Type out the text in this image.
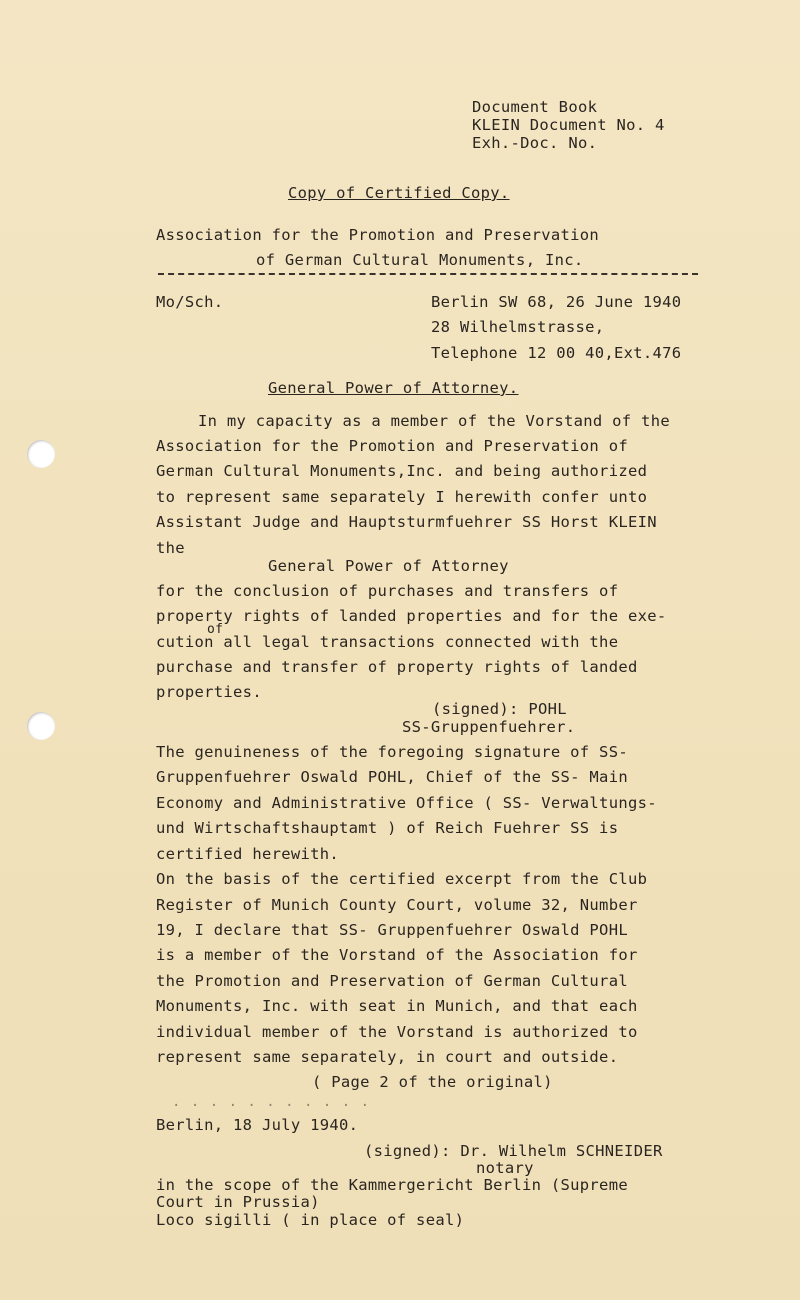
Document Book
KLEIN Document No. 4
Exh.-Doc. No.
Copy of Certified Copy.
Association for the Promotion and Preservation
of German Cultural Monuments, Inc.
Mo/Sch.	Berlin SW 68, 26 June 1940
28 Wilhelmstrasse,
Telephone 12 00 40,Ext.476
General Power of Attorney.
In my capacity as a member of the Vorstand of the
Association for the Promotion and Preservation of
German Cultural Monuments,Inc. and being authorized
to represent same separately I herewith confer unto
Assistant Judge and Hauptsturmfuehrer SS Horst KLEIN
the
General Power of Attorney
for the conclusion of purchases and transfers of
property rights of landed properties and for the exe-
of
cution all legal transactions connected with the
purchase and transfer of property rights of landed
properties.
(signed): POHL
SS-Gruppenfuehrer.
The genuineness of the foregoing signature of SS-
Gruppenfuehrer Oswald POHL, Chief of the SS- Main
Economy and Administrative Office ( SS- Verwaltungs-
und Wirtschaftshauptamt ) of Reich Fuehrer SS is
certified herewith.
On the basis of the certified excerpt from the Club
Register of Munich County Court, volume 32, Number
19, I declare that SS- Gruppenfuehrer Oswald POHL
is a member of the Vorstand of the Association for
the Promotion and Preservation of German Cultural
Monuments, Inc. with seat in Munich, and that each
individual member of the Vorstand is authorized to
represent same separately, in court and outside.
( Page 2 of the original)
· · · · · · · · · · ·
Berlin, 18 July 1940.
(signed): Dr. Wilhelm SCHNEIDER
notary
in the scope of the Kammergericht Berlin (Supreme
Court in Prussia)
Loco sigilli ( in place of seal)
